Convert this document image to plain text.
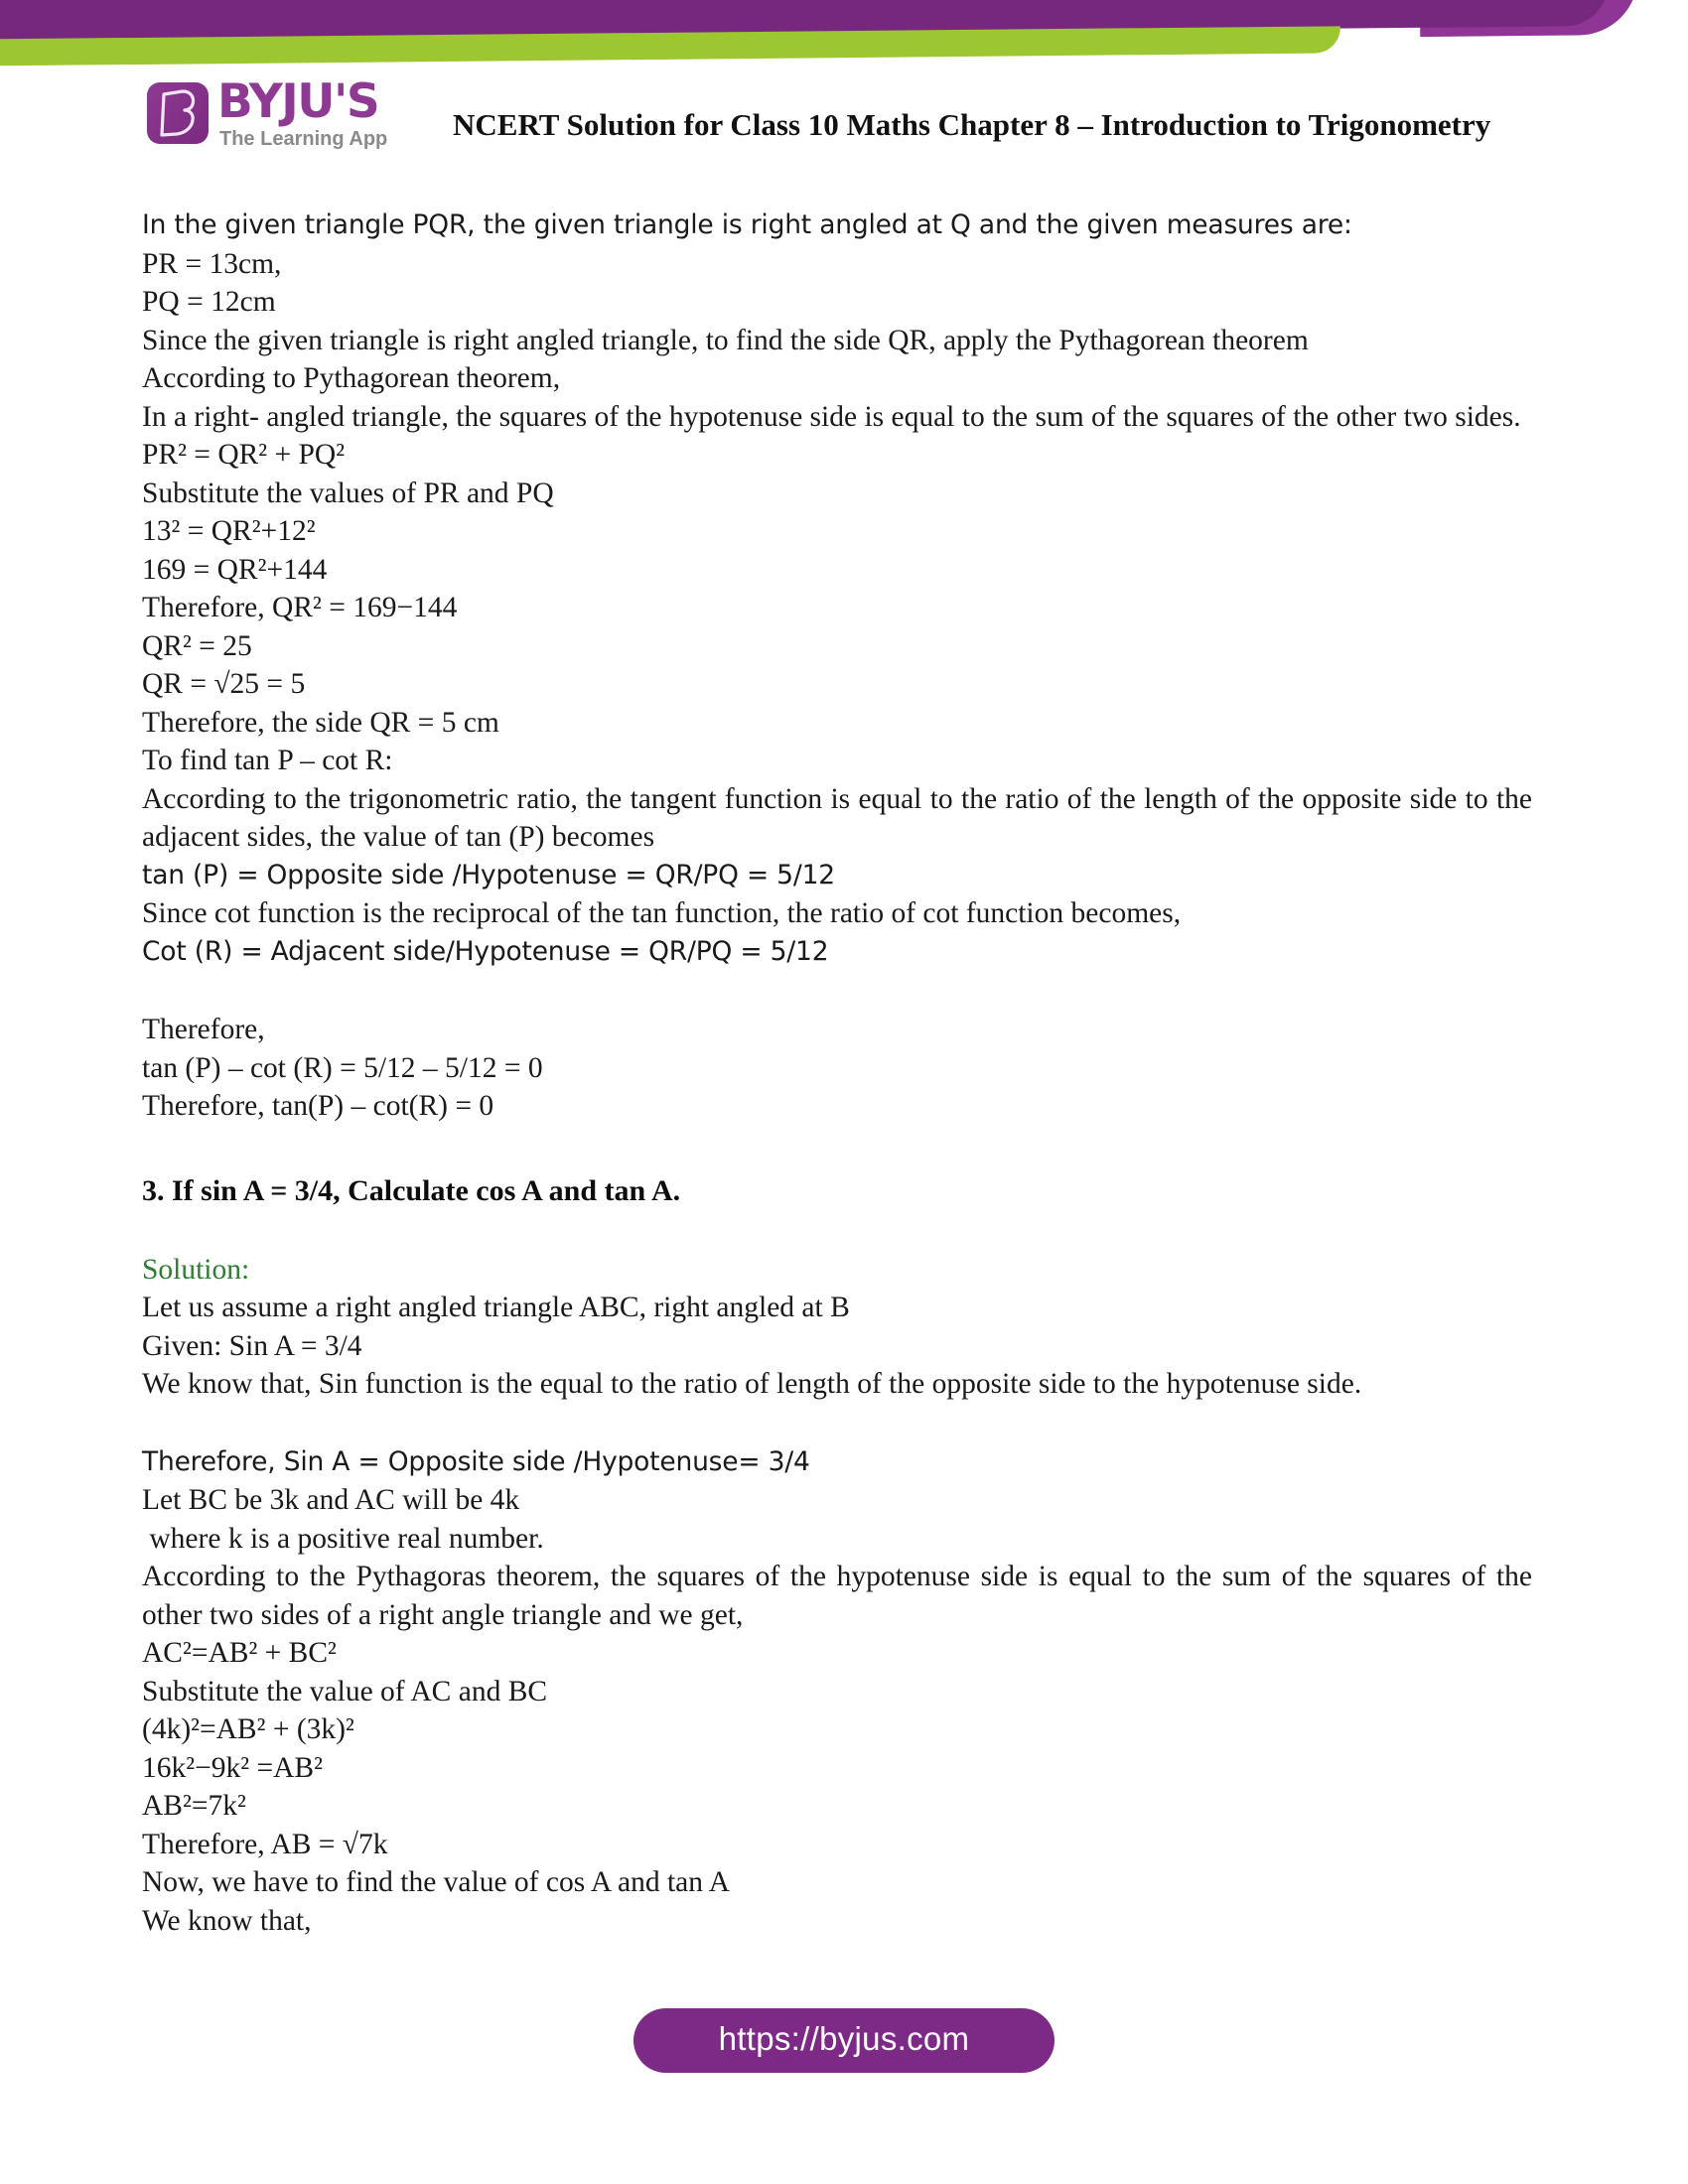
BYJU'S
The Learning App NCERT Solution for Class 10 Maths Chapter 8 – Introduction to Trigonometry
In the given triangle PQR, the given triangle is right angled at Q and the given measures are:
PR = 13cm,
PQ = 12cm
Since the given triangle is right angled triangle, to find the side QR, apply the Pythagorean theorem
According to Pythagorean theorem,
In a right- angled triangle, the squares of the hypotenuse side is equal to the sum of the squares of the other two sides.
PR² = QR² + PQ²
Substitute the values of PR and PQ
13² = QR²+12²
169 = QR²+144
Therefore, QR² = 169−144
QR² = 25
QR = √25 = 5
Therefore, the side QR = 5 cm
To find tan P – cot R:
According to the trigonometric ratio, the tangent function is equal to the ratio of the length of the opposite side to the adjacent sides, the value of tan (P) becomes
tan (P) = Opposite side /Hypotenuse = QR/PQ = 5/12
Since cot function is the reciprocal of the tan function, the ratio of cot function becomes,
Cot (R) = Adjacent side/Hypotenuse = QR/PQ = 5/12
Therefore,
tan (P) – cot (R) = 5/12 – 5/12 = 0
Therefore, tan(P) – cot(R) = 0
3. If sin A = 3/4, Calculate cos A and tan A.
Solution:
Let us assume a right angled triangle ABC, right angled at B
Given: Sin A = 3/4
We know that, Sin function is the equal to the ratio of length of the opposite side to the hypotenuse side.
Therefore, Sin A = Opposite side /Hypotenuse= 3/4
Let BC be 3k and AC will be 4k
where k is a positive real number.
According to the Pythagoras theorem, the squares of the hypotenuse side is equal to the sum of the squares of the other two sides of a right angle triangle and we get,
AC²=AB² + BC²
Substitute the value of AC and BC
(4k)²=AB² + (3k)²
16k²−9k² =AB²
AB²=7k²
Therefore, AB = √7k
Now, we have to find the value of cos A and tan A
We know that,
https://byjus.com
